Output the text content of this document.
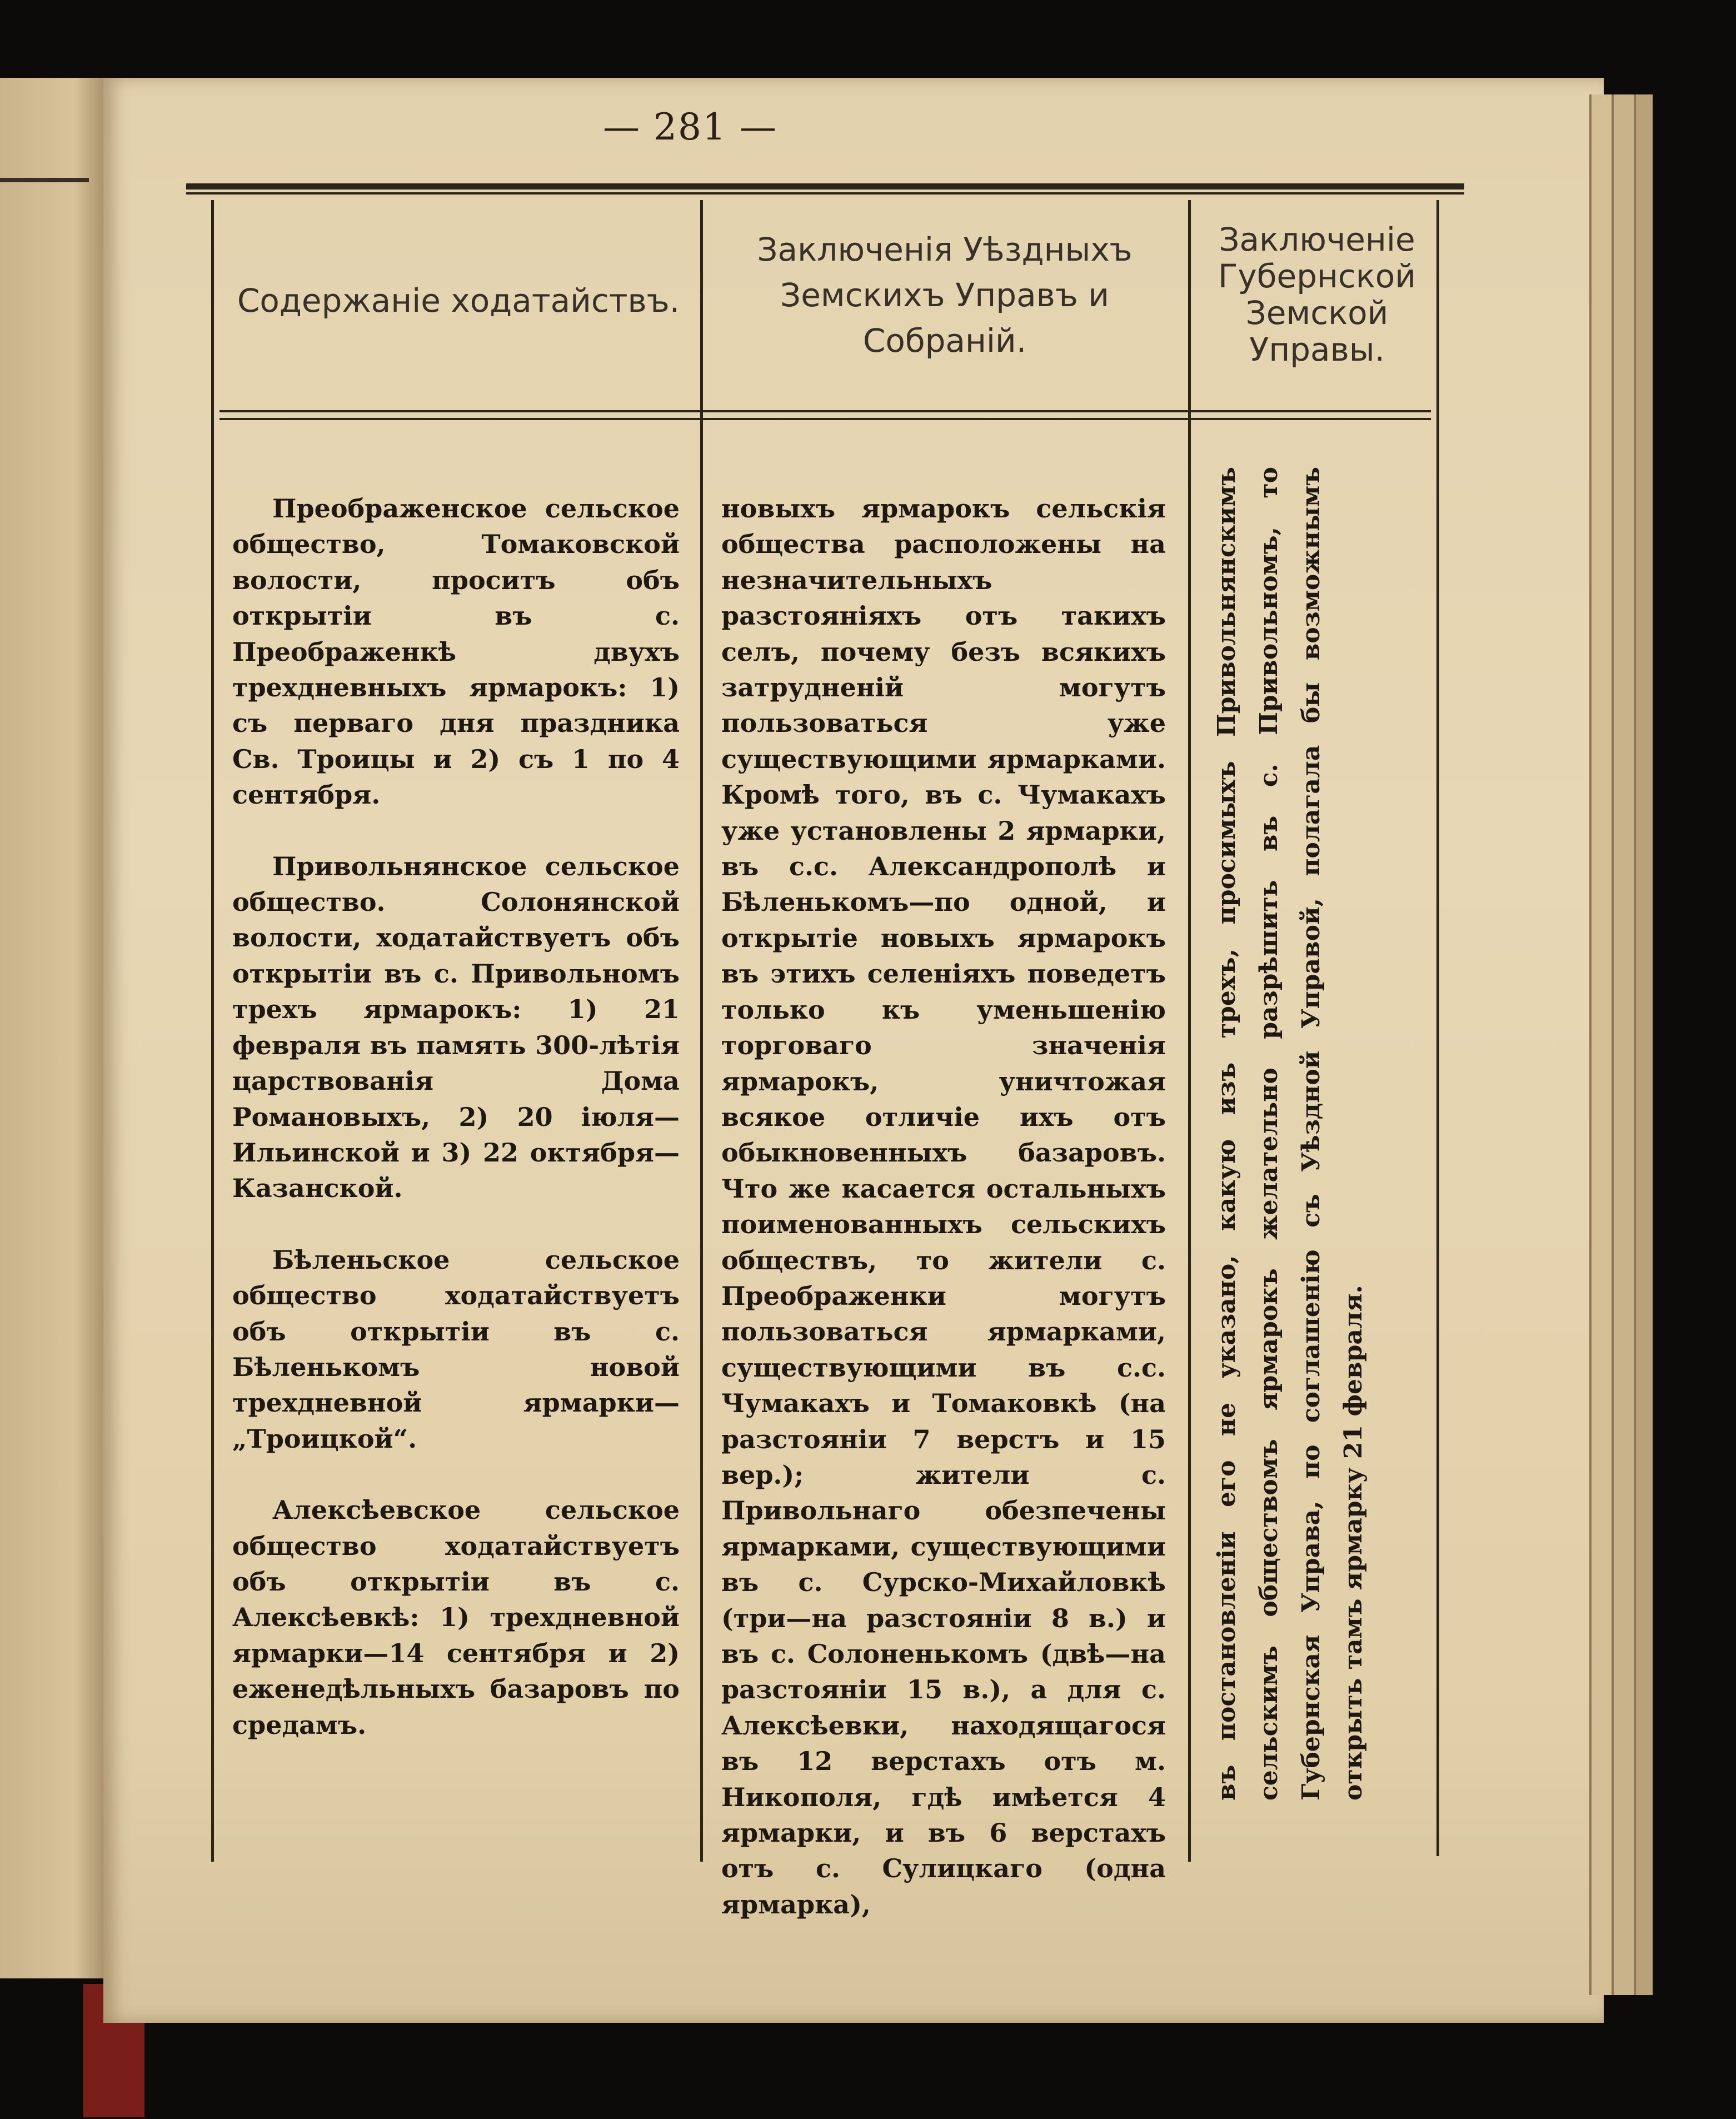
— 281 —
Содержаніе ходатайствъ.
Заключенія Уѣздныхъ Земскихъ Управъ и Собраній.
Заключеніе Губернской Земской Управы.

Преображенское сельское общество, Томаковской волости, проситъ объ открытіи въ с. Преображенкѣ двухъ трехдневныхъ ярмарокъ: 1) съ перваго дня праздника Св. Троицы и 2) съ 1 по 4 сентября.

Привольнянское сельское общество. Солонянской волости, ходатайствуетъ объ открытіи въ с. Привольномъ трехъ ярмарокъ: 1) 21 февраля въ память 300-лѣтія царствованія Дома Романовыхъ, 2) 20 іюля—Ильинской и 3) 22 октября—Казанской.

Бѣленьское сельское общество ходатайствуетъ объ открытіи въ с. Бѣленькомъ новой трехдневной ярмарки—„Троицкой“.

Алексѣевское сельское общество ходатайствуетъ объ открытіи въ с. Алексѣевкѣ: 1) трехдневной ярмарки—14 сентября и 2) еженедѣльныхъ базаровъ по средамъ.

новыхъ ярмарокъ сельскія общества расположены на незначительныхъ разстояніяхъ отъ такихъ селъ, почему безъ всякихъ затрудненій могутъ пользоваться уже существующими ярмарками. Кромѣ того, въ с. Чумакахъ уже установлены 2 ярмарки, въ с.с. Александрополѣ и Бѣленькомъ—по одной, и открытіе новыхъ ярмарокъ въ этихъ селеніяхъ поведетъ только къ уменьшенію торговаго значенія ярмарокъ, уничтожая всякое отличіе ихъ отъ обыкновенныхъ базаровъ. Что же касается остальныхъ поименованныхъ сельскихъ обществъ, то жители с. Преображенки могутъ пользоваться ярмарками, существующими въ с.с. Чумакахъ и Томаковкѣ (на разстояніи 7 верстъ и 15 вер.); жители с. Привольнаго обезпечены ярмарками, существующими въ с. Сурско-Михайловкѣ (три—на разстояніи 8 в.) и въ с. Солоненькомъ (двѣ—на разстояніи 15 в.), а для с. Алексѣевки, находящагося въ 12 верстахъ отъ м. Никополя, гдѣ имѣется 4 ярмарки, и въ 6 верстахъ отъ с. Сулицкаго (одна ярмарка),

въ постановленіи его не указано, какую изъ трехъ, просимыхъ Привольнянскимъ сельскимъ обществомъ ярмарокъ желательно разрѣшить въ с. Привольномъ, то Губернская Управа, по соглашенію съ Уѣздной Управой, полагала бы возможнымъ открыть тамъ ярмарку 21 февраля.
